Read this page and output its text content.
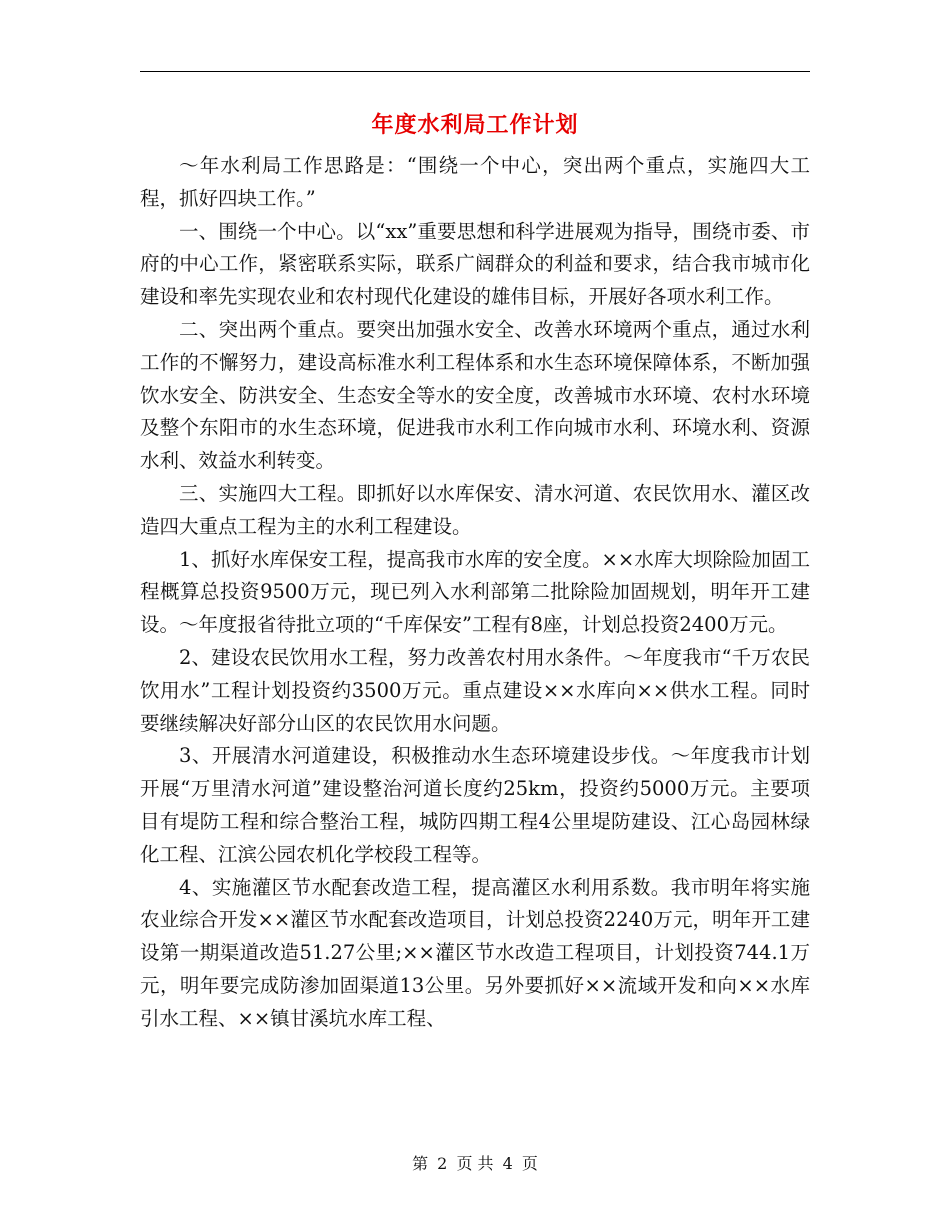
年度水利局工作计划

～年水利局工作思路是：“围绕一个中心，突出两个重点，实施四大工程，抓好四块工作。”

一、围绕一个中心。以“xx”重要思想和科学进展观为指导，围绕市委、市府的中心工作，紧密联系实际，联系广阔群众的利益和要求，结合我市城市化建设和率先实现农业和农村现代化建设的雄伟目标，开展好各项水利工作。

二、突出两个重点。要突出加强水安全、改善水环境两个重点，通过水利工作的不懈努力，建设高标准水利工程体系和水生态环境保障体系，不断加强饮水安全、防洪安全、生态安全等水的安全度，改善城市水环境、农村水环境及整个东阳市的水生态环境，促进我市水利工作向城市水利、环境水利、资源水利、效益水利转变。

三、实施四大工程。即抓好以水库保安、清水河道、农民饮用水、灌区改造四大重点工程为主的水利工程建设。

1、抓好水库保安工程，提高我市水库的安全度。××水库大坝除险加固工程概算总投资9500万元，现已列入水利部第二批除险加固规划，明年开工建设。～年度报省待批立项的“千库保安”工程有8座，计划总投资2400万元。

2、建设农民饮用水工程，努力改善农村用水条件。～年度我市“千万农民饮用水”工程计划投资约3500万元。重点建设××水库向××供水工程。同时要继续解决好部分山区的农民饮用水问题。

3、开展清水河道建设，积极推动水生态环境建设步伐。～年度我市计划开展“万里清水河道”建设整治河道长度约25km，投资约5000万元。主要项目有堤防工程和综合整治工程，城防四期工程4公里堤防建设、江心岛园林绿化工程、江滨公园农机化学校段工程等。

4、实施灌区节水配套改造工程，提高灌区水利用系数。我市明年将实施农业综合开发××灌区节水配套改造项目，计划总投资2240万元，明年开工建设第一期渠道改造51.27公里;××灌区节水改造工程项目，计划投资744.1万元，明年要完成防渗加固渠道13公里。另外要抓好××流域开发和向××水库引水工程、××镇甘溪坑水库工程、

第 2 页 共 4 页
